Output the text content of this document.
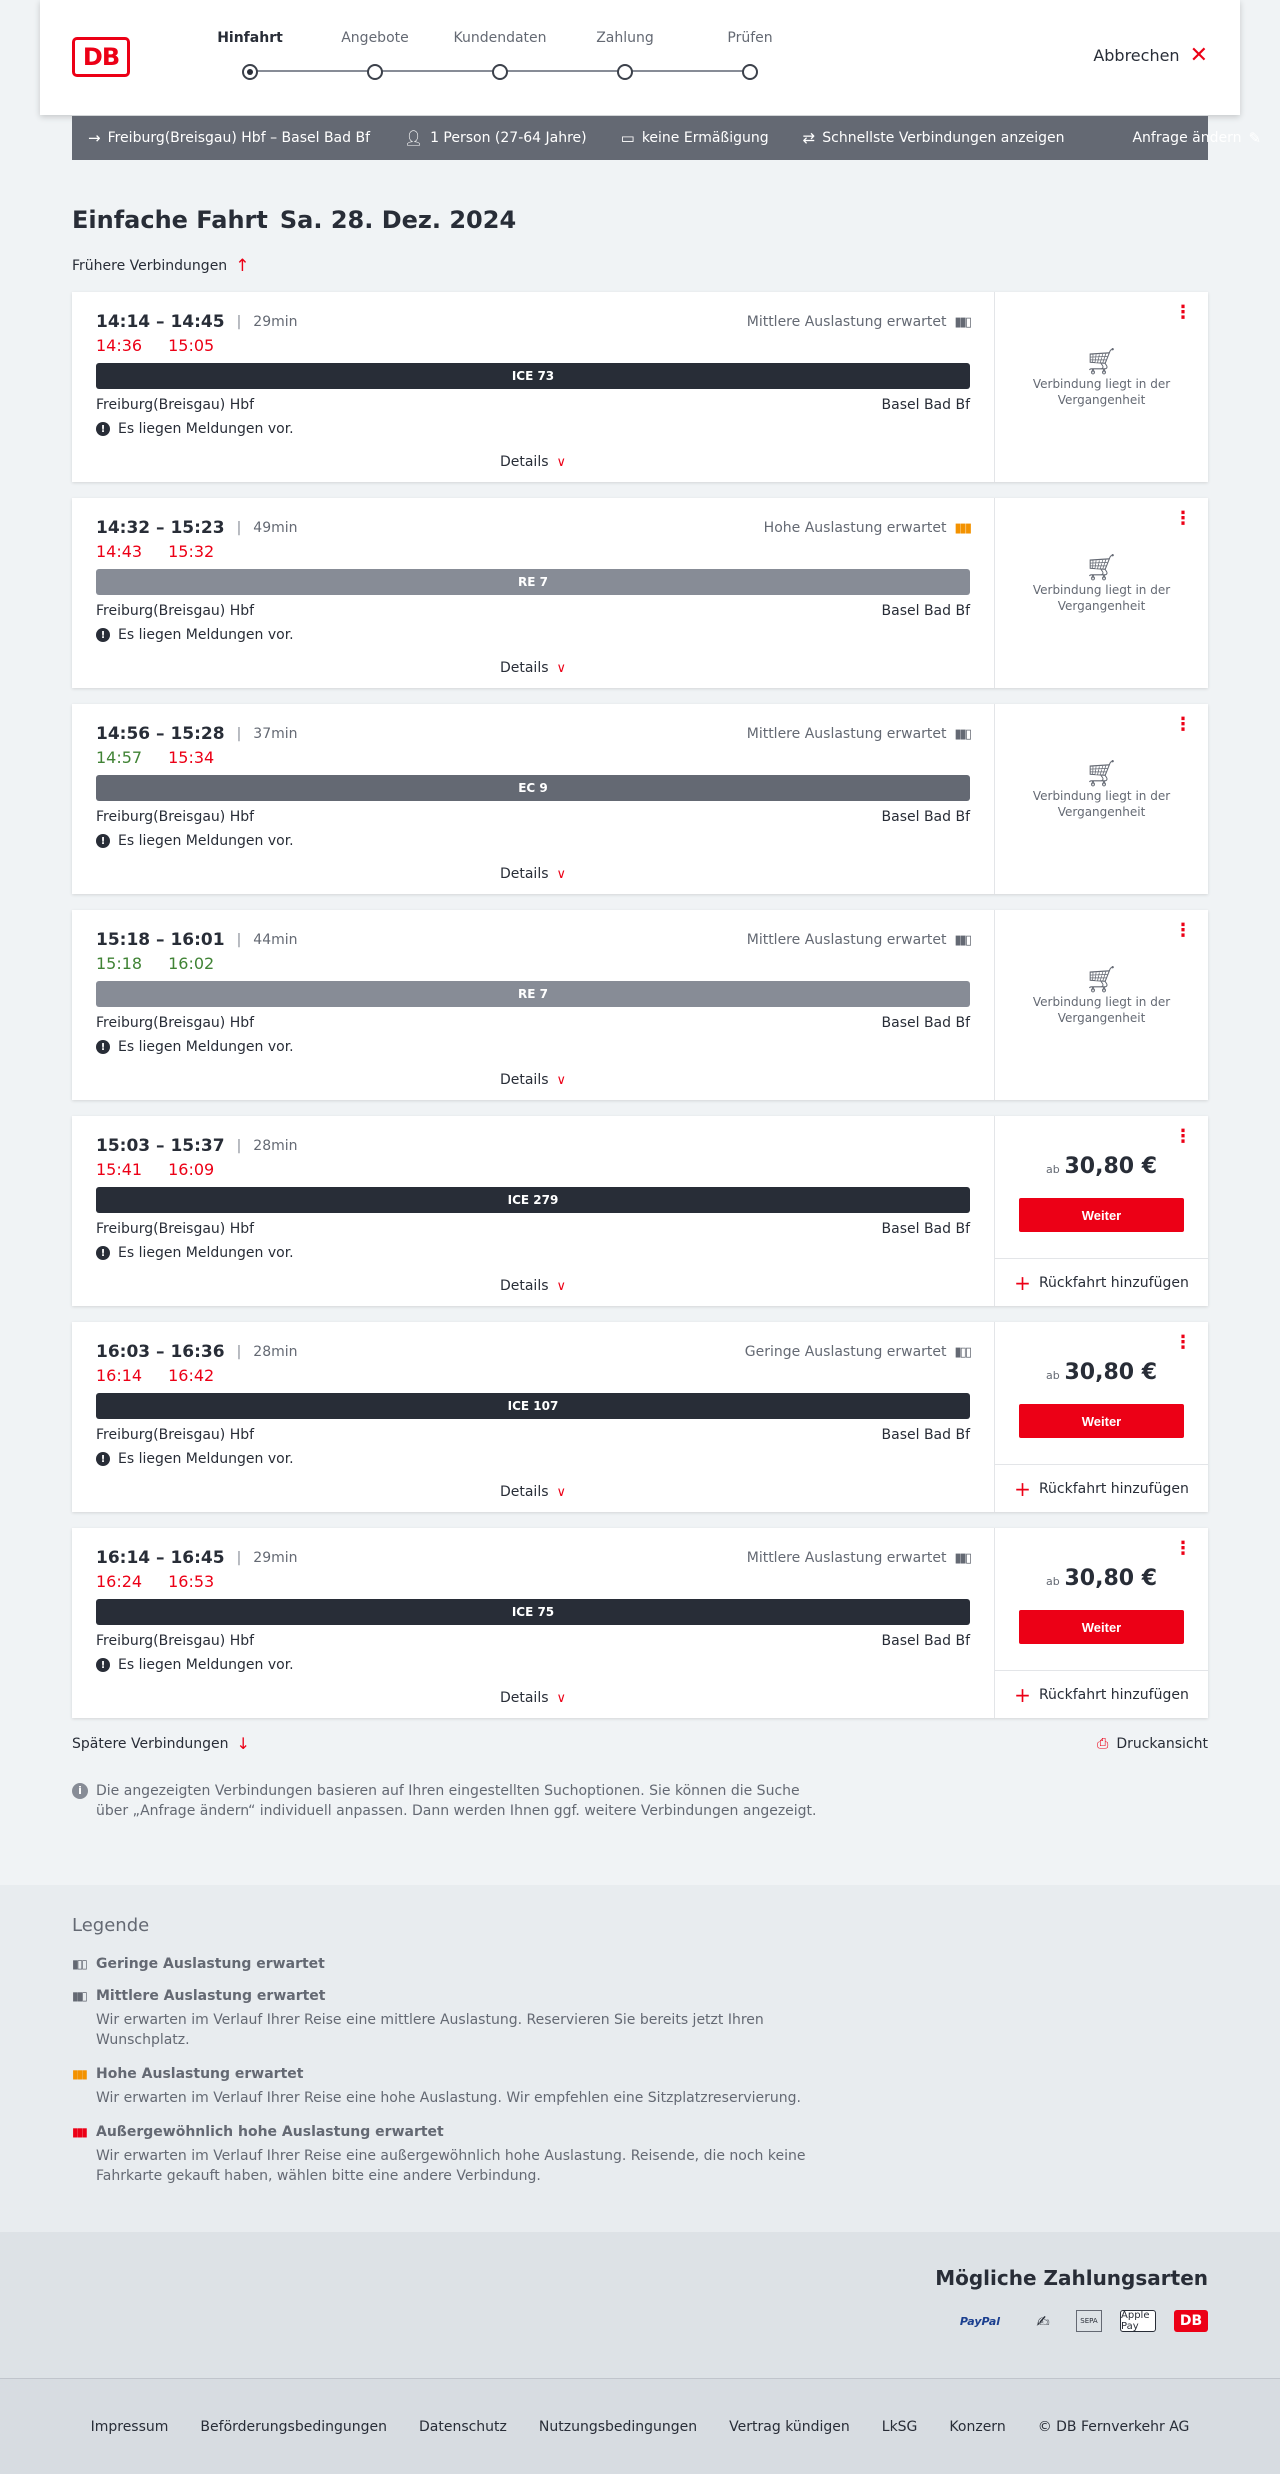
DB
Hinfahrt	Angebote	Kundendaten	Zahlung	Prüfen
Abbrechen ✕
→ Freiburg(Breisgau) Hbf – Basel Bad Bf 👤︎ 1 Person (27-64 Jahre) ▭ keine Ermäßigung ⇄ Schnellste Verbindungen anzeigen	Anfrage ändern ✎
Einfache Fahrt Sa. 28. Dez. 2024
Frühere Verbindungen ↑
14:14 – 14:45 | 29min	Mittlere Auslastung erwartet ▮▮▯
14:36 15:05
ICE 73
Freiburg(Breisgau) Hbf	Basel Bad Bf
! Es liegen Meldungen vor.
Details ∨
⋮
🛒︎
Verbindung liegt in der Vergangenheit
14:32 – 15:23 | 49min	Hohe Auslastung erwartet ▮▮▮
14:43 15:32
RE 7
Freiburg(Breisgau) Hbf	Basel Bad Bf
! Es liegen Meldungen vor.
Details ∨
⋮
🛒︎
Verbindung liegt in der Vergangenheit
14:56 – 15:28 | 37min	Mittlere Auslastung erwartet ▮▮▯
14:57 15:34
EC 9
Freiburg(Breisgau) Hbf	Basel Bad Bf
! Es liegen Meldungen vor.
Details ∨
⋮
🛒︎
Verbindung liegt in der Vergangenheit
15:18 – 16:01 | 44min	Mittlere Auslastung erwartet ▮▮▯
15:18 16:02
RE 7
Freiburg(Breisgau) Hbf	Basel Bad Bf
! Es liegen Meldungen vor.
Details ∨
⋮
🛒︎
Verbindung liegt in der Vergangenheit
15:03 – 15:37 | 28min
15:41 16:09
ICE 279
Freiburg(Breisgau) Hbf	Basel Bad Bf
! Es liegen Meldungen vor.
Details ∨
⋮
ab 30,80 €
Weiter
+ Rückfahrt hinzufügen
16:03 – 16:36 | 28min	Geringe Auslastung erwartet ▮▯▯
16:14 16:42
ICE 107
Freiburg(Breisgau) Hbf	Basel Bad Bf
! Es liegen Meldungen vor.
Details ∨
⋮
ab 30,80 €
Weiter
+ Rückfahrt hinzufügen
16:14 – 16:45 | 29min	Mittlere Auslastung erwartet ▮▮▯
16:24 16:53
ICE 75
Freiburg(Breisgau) Hbf	Basel Bad Bf
! Es liegen Meldungen vor.
Details ∨
⋮
ab 30,80 €
Weiter
+ Rückfahrt hinzufügen
Spätere Verbindungen ↓	⎙ Druckansicht
i	Die angezeigten Verbindungen basieren auf Ihren eingestellten Suchoptionen. Sie können die Suche über „Anfrage ändern“ individuell anpassen. Dann werden Ihnen ggf. weitere Verbindungen angezeigt.
Legende
▮▯▯ Geringe Auslastung erwartet
▮▮▯ Mittlere Auslastung erwartet
Wir erwarten im Verlauf Ihrer Reise eine mittlere Auslastung. Reservieren Sie bereits jetzt Ihren Wunschplatz.
▮▮▮ Hohe Auslastung erwartet
Wir erwarten im Verlauf Ihrer Reise eine hohe Auslastung. Wir empfehlen eine Sitzplatzreservierung.
▮▮▮ Außergewöhnlich hohe Auslastung erwartet
Wir erwarten im Verlauf Ihrer Reise eine außergewöhnlich hohe Auslastung. Reisende, die noch keine Fahrkarte gekauft haben, wählen bitte eine andere Verbindung.
Mögliche Zahlungsarten
PayPal	✍	SEPA	Apple Pay	DB
Impressum Beförderungsbedingungen Datenschutz Nutzungsbedingungen Vertrag kündigen LkSG Konzern © DB Fernverkehr AG
